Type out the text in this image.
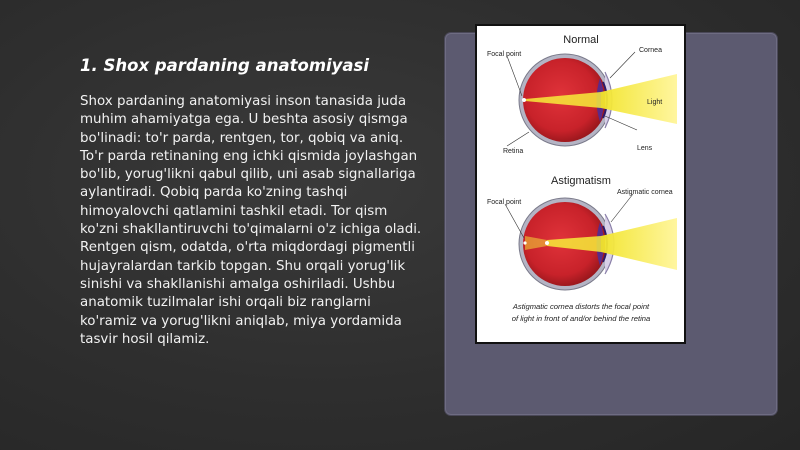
1. Shox pardaning anatomiyasi

Shox pardaning anatomiyasi inson tanasida juda muhim ahamiyatga ega. U beshta asosiy qismga bo'linadi: to'r parda, rentgen, tor, qobiq va aniq. To'r parda retinaning eng ichki qismida joylashgan bo'lib, yorug'likni qabul qilib, uni asab signallariga aylantiradi. Qobiq parda ko'zning tashqi himoyalovchi qatlamini tashkil etadi. Tor qism ko'zni shakllantiruvchi to'qimalarni o'z ichiga oladi. Rentgen qism, odatda, o'rta miqdordagi pigmentli hujayralardan tarkib topgan. Shu orqali yorug'lik sinishi va shakllanishi amalga oshiriladi. Ushbu anatomik tuzilmalar ishi orqali biz ranglarni ko'ramiz va yorug'likni aniqlab, miya yordamida tasvir hosil qilamiz.

Normal
Focal point
Cornea
Light
Retina	Lens
Astigmatism
Focal point
Astigmatic cornea
Astigmatic cornea distorts the focal point
of light in front of and/or behind the retina
